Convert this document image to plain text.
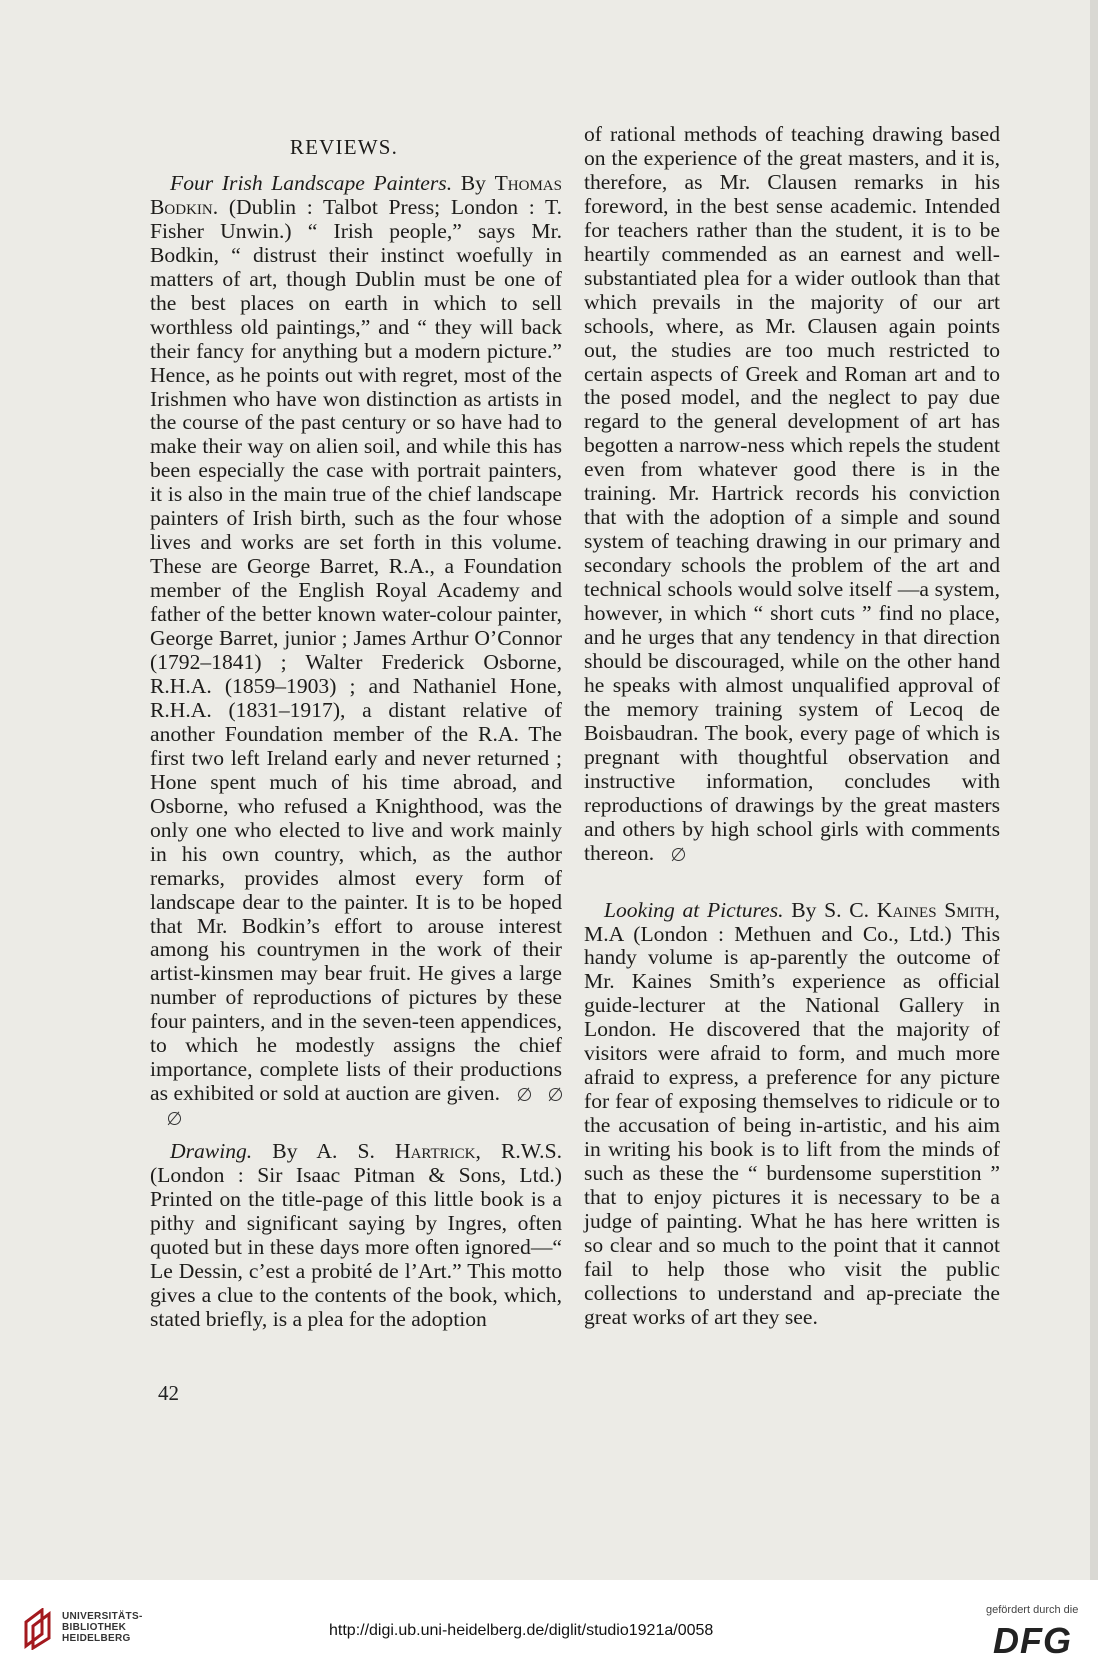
REVIEWS.

Four Irish Landscape Painters. By Thomas Bodkin. (Dublin : Talbot Press; London : T. Fisher Unwin.) “ Irish people,” says Mr. Bodkin, “ distrust their instinct woefully in matters of art, though Dublin must be one of the best places on earth in which to sell worthless old paintings,” and “ they will back their fancy for anything but a modern picture.” Hence, as he points out with regret, most of the Irishmen who have won distinction as artists in the course of the past century or so have had to make their way on alien soil, and while this has been especially the case with portrait painters, it is also in the main true of the chief landscape painters of Irish birth, such as the four whose lives and works are set forth in this volume. These are George Barret, R.A., a Foundation member of the English Royal Academy and father of the better known water-colour painter, George Barret, junior ; James Arthur O’Connor (1792–1841) ; Walter Frederick Osborne, R.H.A. (1859–1903) ; and Nathaniel Hone, R.H.A. (1831–1917), a distant relative of another Foundation member of the R.A. The first two left Ireland early and never returned ; Hone spent much of his time abroad, and Osborne, who refused a Knighthood, was the only one who elected to live and work mainly in his own country, which, as the author remarks, provides almost every form of landscape dear to the painter. It is to be hoped that Mr. Bodkin’s effort to arouse interest among his countrymen in the work of their artist-kinsmen may bear fruit. He gives a large number of reproductions of pictures by these four painters, and in the seven-teen appendices, to which he modestly assigns the chief importance, complete lists of their productions as exhibited or sold at auction are given.

Drawing. By A. S. Hartrick, R.W.S. (London : Sir Isaac Pitman & Sons, Ltd.) Printed on the title-page of this little book is a pithy and significant saying by Ingres, often quoted but in these days more often ignored—“ Le Dessin, c’est a probité de l’Art.” This motto gives a clue to the contents of the book, which, stated briefly, is a plea for the adoption

of rational methods of teaching drawing based on the experience of the great masters, and it is, therefore, as Mr. Clausen remarks in his foreword, in the best sense academic. Intended for teachers rather than the student, it is to be heartily commended as an earnest and well-substantiated plea for a wider outlook than that which prevails in the majority of our art schools, where, as Mr. Clausen again points out, the studies are too much restricted to certain aspects of Greek and Roman art and to the posed model, and the neglect to pay due regard to the general development of art has begotten a narrow-ness which repels the student even from whatever good there is in the training. Mr. Hartrick records his conviction that with the adoption of a simple and sound system of teaching drawing in our primary and secondary schools the problem of the art and technical schools would solve itself —a system, however, in which “ short cuts ” find no place, and he urges that any tendency in that direction should be discouraged, while on the other hand he speaks with almost unqualified approval of the memory training system of Lecoq de Boisbaudran. The book, every page of which is pregnant with thoughtful observation and instructive information, concludes with reproductions of drawings by the great masters and others by high school girls with comments thereon.

Looking at Pictures. By S. C. Kaines Smith, M.A (London : Methuen and Co., Ltd.) This handy volume is ap-parently the outcome of Mr. Kaines Smith’s experience as official guide-lecturer at the National Gallery in London. He discovered that the majority of visitors were afraid to form, and much more afraid to express, a preference for any picture for fear of exposing themselves to ridicule or to the accusation of being in-artistic, and his aim in writing his book is to lift from the minds of such as these the “ burdensome superstition ” that to enjoy pictures it is necessary to be a judge of painting. What he has here written is so clear and so much to the point that it cannot fail to help those who visit the public collections to understand and ap-preciate the great works of art they see.

42
UNIVERSITÄTS-
BIBLIOTHEK
HEIDELBERG	http://digi.ub.uni-heidelberg.de/diglit/studio1921a/0058
gefördert durch die
DFG
